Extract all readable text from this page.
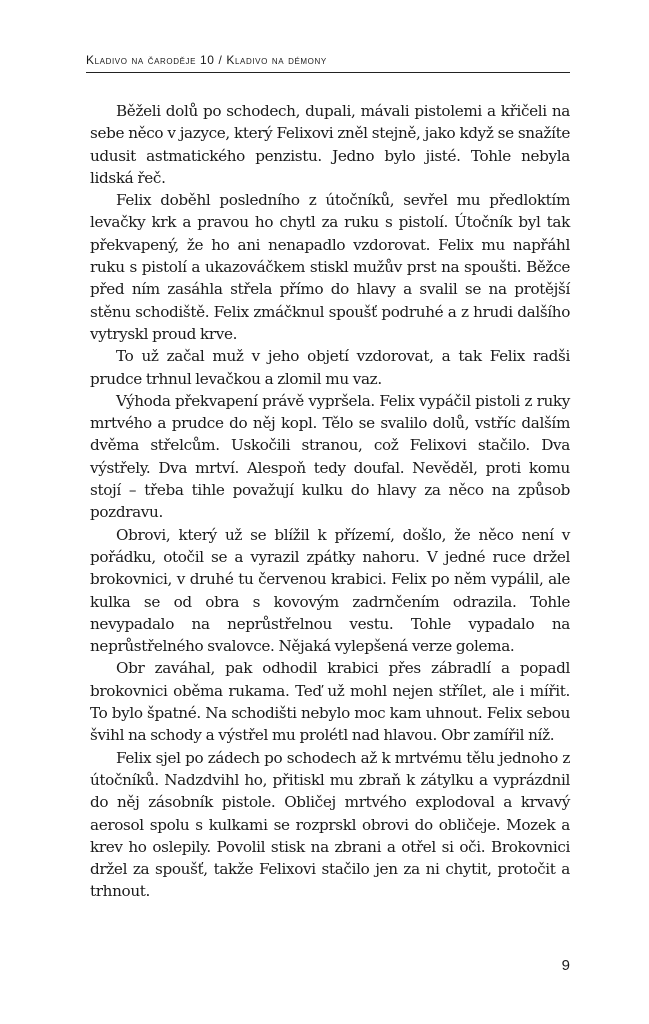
Kladivo na čaroděje 10 / Kladivo na démony

Běželi dolů po schodech, dupali, mávali pistolemi a křičeli na sebe něco v jazyce, který Felixovi zněl stejně, jako když se snažíte udusit astmatického penzistu. Jedno bylo jisté. Tohle nebyla lidská řeč.

Felix doběhl posledního z útočníků, sevřel mu předloktím levačky krk a pravou ho chytl za ruku s pistolí. Útočník byl tak překvapený, že ho ani nenapadlo vzdorovat. Felix mu napřáhl ruku s pistolí a ukazováčkem stiskl mužův prst na spoušti. Běžce před ním zasáhla střela přímo do hlavy a svalil se na protější stěnu schodiště. Felix zmáčknul spoušť podruhé a z hrudi dalšího vytryskl proud krve.

To už začal muž v jeho objetí vzdorovat, a tak Felix radši prudce trhnul levačkou a zlomil mu vaz.

Výhoda překvapení právě vypršela. Felix vypáčil pistoli z ruky mrtvého a prudce do něj kopl. Tělo se svalilo dolů, vstříc dalším dvěma střelcům. Uskočili stranou, což Felixovi stačilo. Dva výstřely. Dva mrtví. Alespoň tedy doufal. Nevěděl, proti komu stojí – třeba tihle považují kulku do hlavy za něco na způsob pozdravu.

Obrovi, který už se blížil k přízemí, došlo, že něco není v pořádku, otočil se a vyrazil zpátky nahoru. V jedné ruce držel brokovnici, v druhé tu červenou krabici. Felix po něm vypálil, ale kulka se od obra s kovovým zadrnčením odrazila. Tohle nevypadalo na neprůstřelnou vestu. Tohle vypadalo na neprůstřelného svalovce. Nějaká vylepšená verze golema.

Obr zaváhal, pak odhodil krabici přes zábradlí a popadl brokovnici oběma rukama. Teď už mohl nejen střílet, ale i mířit. To bylo špatné. Na schodišti nebylo moc kam uhnout. Felix sebou švihl na schody a výstřel mu prolétl nad hlavou. Obr zamířil níž.

Felix sjel po zádech po schodech až k mrtvému tělu jednoho z útočníků. Nadzdvihl ho, přitiskl mu zbraň k zátylku a vyprázdnil do něj zásobník pistole. Obličej mrtvého explodoval a krvavý aerosol spolu s kulkami se rozprskl obrovi do obličeje. Mozek a krev ho oslepily. Povolil stisk na zbrani a otřel si oči. Brokovnici držel za spoušť, takže Felixovi stačilo jen za ni chytit, protočit a trhnout.

9
